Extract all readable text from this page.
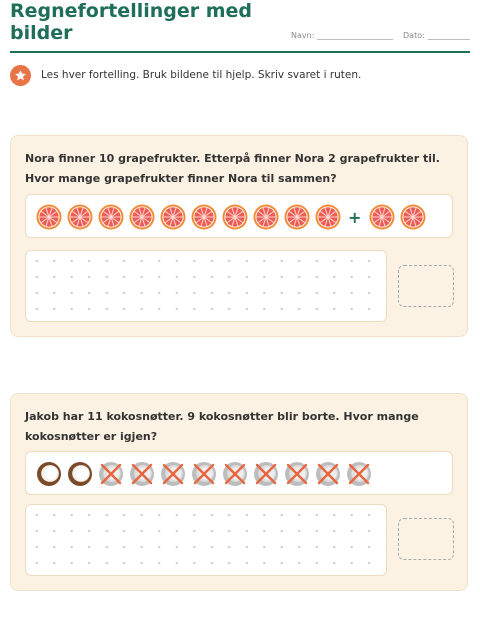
Regnefortellinger med bilder	Navn:	Dato:
Les hver fortelling. Bruk bildene til hjelp. Skriv svaret i ruten.
Nora finner 10 grapefrukter. Etterpå finner Nora 2 grapefrukter til. Hvor mange grapefrukter finner Nora til sammen?
+
Jakob har 11 kokosnøtter. 9 kokosnøtter blir borte. Hvor mange kokosnøtter er igjen?
